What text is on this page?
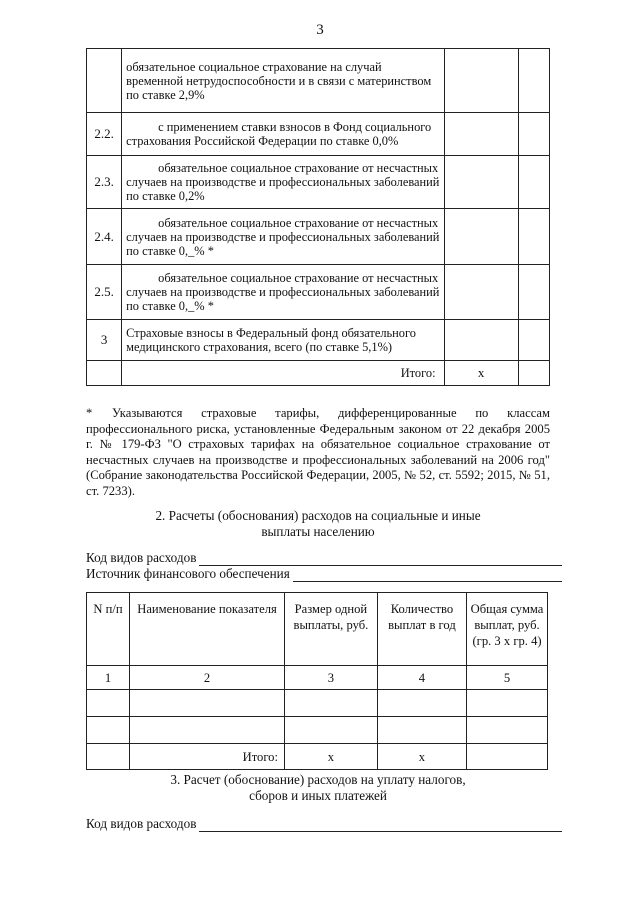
3
	обязательное социальное страхование на случай временной нетрудоспособности и в связи с материнством по ставке 2,9%		
2.2.	с применением ставки взносов в Фонд социального страхования Российской Федерации по ставке 0,0%		
2.3.	обязательное социальное страхование от несчастных случаев на производстве и профессиональных заболеваний по ставке 0,2%		
2.4.	обязательное социальное страхование от несчастных случаев на производстве и профессиональных заболеваний по ставке 0,_% *		
2.5.	обязательное социальное страхование от несчастных случаев на производстве и профессиональных заболеваний по ставке 0,_% *		
3	Страховые взносы в Федеральный фонд обязательного медицинского страхования, всего (по ставке 5,1%)		
	Итого:	х	
* Указываются страховые тарифы, дифференцированные по классам профессионального риска, установленные Федеральным законом от 22 декабря 2005 г. № 179-ФЗ "О страховых тарифах на обязательное социальное страхование от несчастных случаев на производстве и профессиональных заболеваний на 2006 год" (Собрание законодательства Российской Федерации, 2005, № 52, ст. 5592; 2015, № 51, ст. 7233).
2. Расчеты (обоснования) расходов на социальные и иные
выплаты населению
Код видов расходов
Источник финансового обеспечения
N п/п	Наименование показателя	Размер одной выплаты, руб.	Количество выплат в год	Общая сумма выплат, руб. (гр. 3 х гр. 4)
1	2	3	4	5

	Итого:	х	х	
3. Расчет (обоснование) расходов на уплату налогов,
сборов и иных платежей
Код видов расходов
